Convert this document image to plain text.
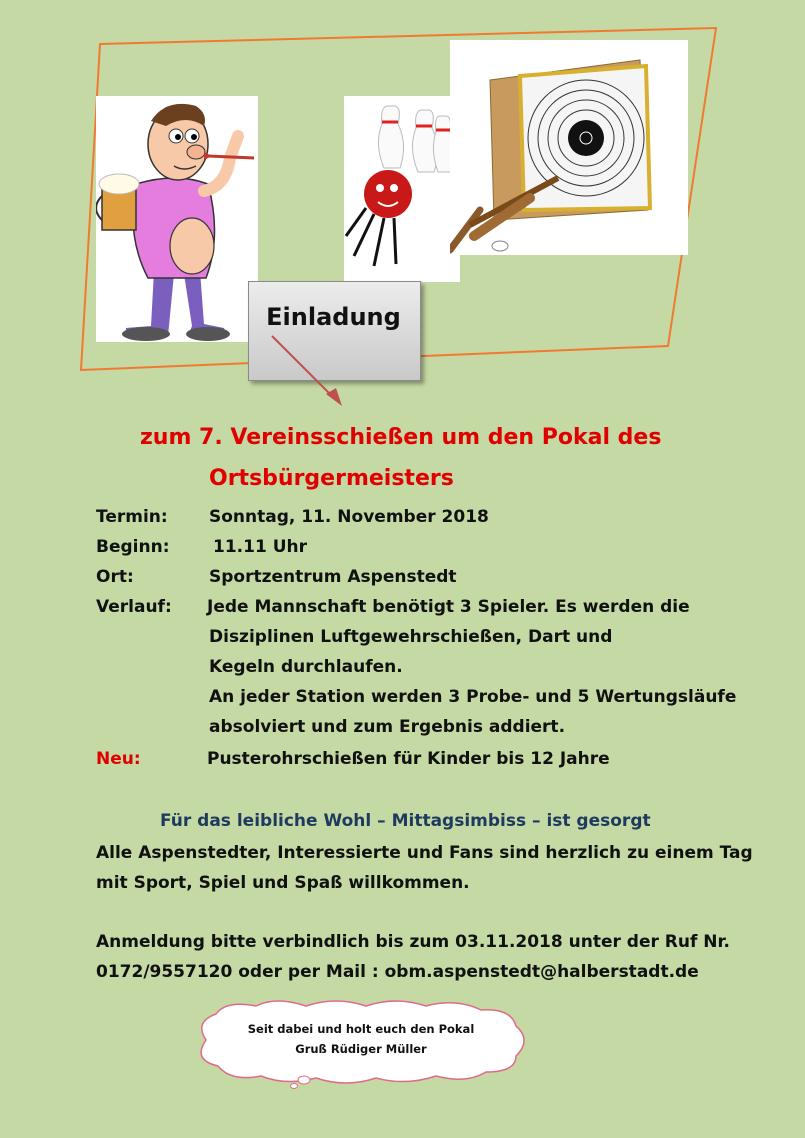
Einladung
zum 7. Vereinsschießen um den Pokal des
Ortsbürgermeisters
Termin: Sonntag, 11. November 2018
Beginn:	11.11 Uhr
Ort:	Sportzentrum Aspenstedt
Verlauf: Jede Mannschaft benötigt 3 Spieler. Es werden die
Disziplinen Luftgewehrschießen, Dart und
Kegeln durchlaufen.
An jeder Station werden 3 Probe- und 5 Wertungsläufe
absolviert und zum Ergebnis addiert.
Neu:	Pusterohrschießen für Kinder bis 12 Jahre
Für das leibliche Wohl – Mittagsimbiss – ist gesorgt
Alle Aspenstedter, Interessierte und Fans sind herzlich zu einem Tag
mit Sport, Spiel und Spaß willkommen.
Anmeldung bitte verbindlich bis zum 03.11.2018 unter der Ruf Nr.
0172/9557120 oder per Mail : obm.aspenstedt@halberstadt.de
Seit dabei und holt euch den Pokal
Gruß Rüdiger Müller
